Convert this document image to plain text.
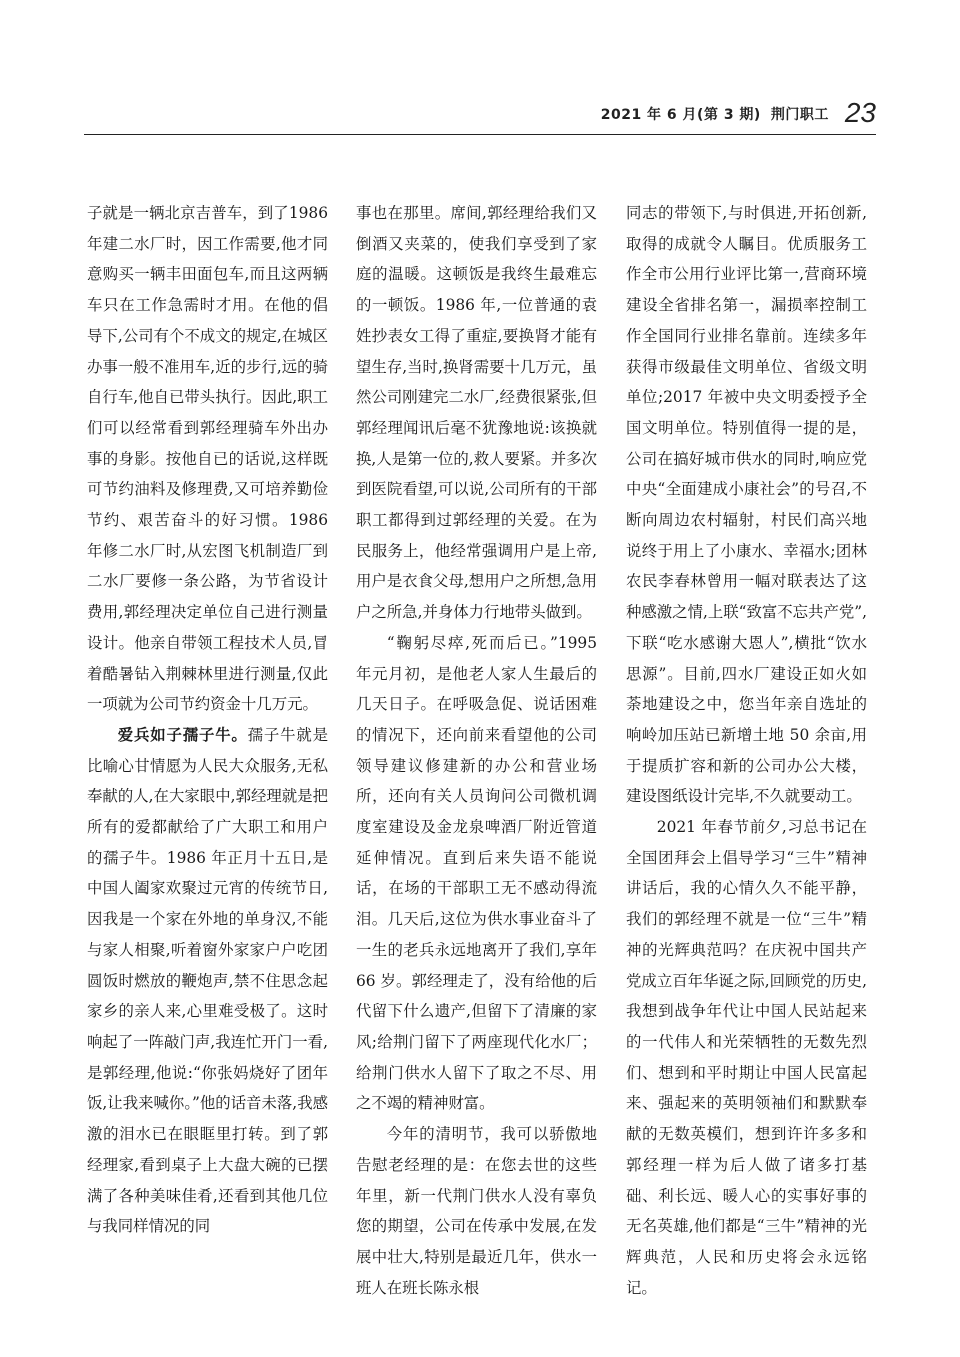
2021 年 6 月(第 3 期) 荆门职工 23

子就是一辆北京吉普车，到了1986 年建二水厂时，因工作需要,他才同意购买一辆丰田面包车,而且这两辆车只在工作急需时才用。在他的倡导下,公司有个不成文的规定,在城区办事一般不准用车,近的步行,远的骑自行车,他自已带头执行。因此,职工们可以经常看到郭经理骑车外出办事的身影。按他自已的话说,这样既可节约油料及修理费,又可培养勤俭节约、艰苦奋斗的好习惯。1986 年修二水厂时,从宏图飞机制造厂到二水厂要修一条公路，为节省设计费用,郭经理决定单位自己进行测量设计。他亲自带领工程技术人员,冒着酷暑钻入荆棘林里进行测量,仅此一项就为公司节约资金十几万元。

爱兵如子孺子牛。孺子牛就是比喻心甘情愿为人民大众服务,无私奉献的人,在大家眼中,郭经理就是把所有的爱都献给了广大职工和用户的孺子牛。1986 年正月十五日,是中国人阖家欢聚过元宵的传统节日,因我是一个家在外地的单身汉,不能与家人相聚,听着窗外家家户户吃团圆饭时燃放的鞭炮声,禁不住思念起家乡的亲人来,心里难受极了。这时响起了一阵敲门声,我连忙开门一看,是郭经理,他说:“你张妈烧好了团年饭,让我来喊你。”他的话音未落,我感激的泪水已在眼眶里打转。到了郭经理家,看到桌子上大盘大碗的已摆满了各种美味佳肴,还看到其他几位与我同样情况的同

事也在那里。席间,郭经理给我们又倒酒又夹菜的，使我们享受到了家庭的温暖。这顿饭是我终生最难忘的一顿饭。1986 年,一位普通的袁姓抄表女工得了重症,要换肾才能有望生存,当时,换肾需要十几万元，虽然公司刚建完二水厂,经费很紧张,但郭经理闻讯后毫不犹豫地说:该换就换,人是第一位的,救人要紧。并多次到医院看望,可以说,公司所有的干部职工都得到过郭经理的关爱。在为民服务上，他经常强调用户是上帝,用户是衣食父母,想用户之所想,急用户之所急,并身体力行地带头做到。

“鞠躬尽瘁,死而后已。”1995 年元月初，是他老人家人生最后的几天日子。在呼吸急促、说话困难的情况下，还向前来看望他的公司领导建议修建新的办公和营业场所，还向有关人员询问公司微机调度室建设及金龙泉啤酒厂附近管道延伸情况。直到后来失语不能说话，在场的干部职工无不感动得流泪。几天后,这位为供水事业奋斗了一生的老兵永远地离开了我们,享年 66 岁。郭经理走了，没有给他的后代留下什么遗产,但留下了清廉的家风;给荆门留下了两座现代化水厂；给荆门供水人留下了取之不尽、用之不竭的精神财富。

今年的清明节，我可以骄傲地告慰老经理的是：在您去世的这些年里，新一代荆门供水人没有辜负您的期望，公司在传承中发展,在发展中壮大,特别是最近几年，供水一班人在班长陈永根

同志的带领下,与时俱进,开拓创新,取得的成就令人瞩目。优质服务工作全市公用行业评比第一,营商环境建设全省排名第一，漏损率控制工作全国同行业排名靠前。连续多年获得市级最佳文明单位、省级文明单位;2017 年被中央文明委授予全国文明单位。特别值得一提的是，公司在搞好城市供水的同时,响应党中央“全面建成小康社会”的号召,不断向周边农村辐射，村民们高兴地说终于用上了小康水、幸福水;团林农民李春林曾用一幅对联表达了这种感激之情,上联“致富不忘共产党”,下联“吃水感谢大恩人”,横批“饮水思源”。目前,四水厂建设正如火如荼地建设之中，您当年亲自选址的响岭加压站已新增土地 50 余亩,用于提质扩容和新的公司办公大楼，建设图纸设计完毕,不久就要动工。

2021 年春节前夕,习总书记在全国团拜会上倡导学习“三牛”精神讲话后，我的心情久久不能平静，我们的郭经理不就是一位“三牛”精神的光辉典范吗？在庆祝中国共产党成立百年华诞之际,回顾党的历史,我想到战争年代让中国人民站起来的一代伟人和光荣牺牲的无数先烈们、想到和平时期让中国人民富起来、强起来的英明领袖们和默默奉献的无数英模们，想到许许多多和郭经理一样为后人做了诸多打基础、利长远、暖人心的实事好事的无名英雄,他们都是“三牛”精神的光辉典范，人民和历史将会永远铭记。
